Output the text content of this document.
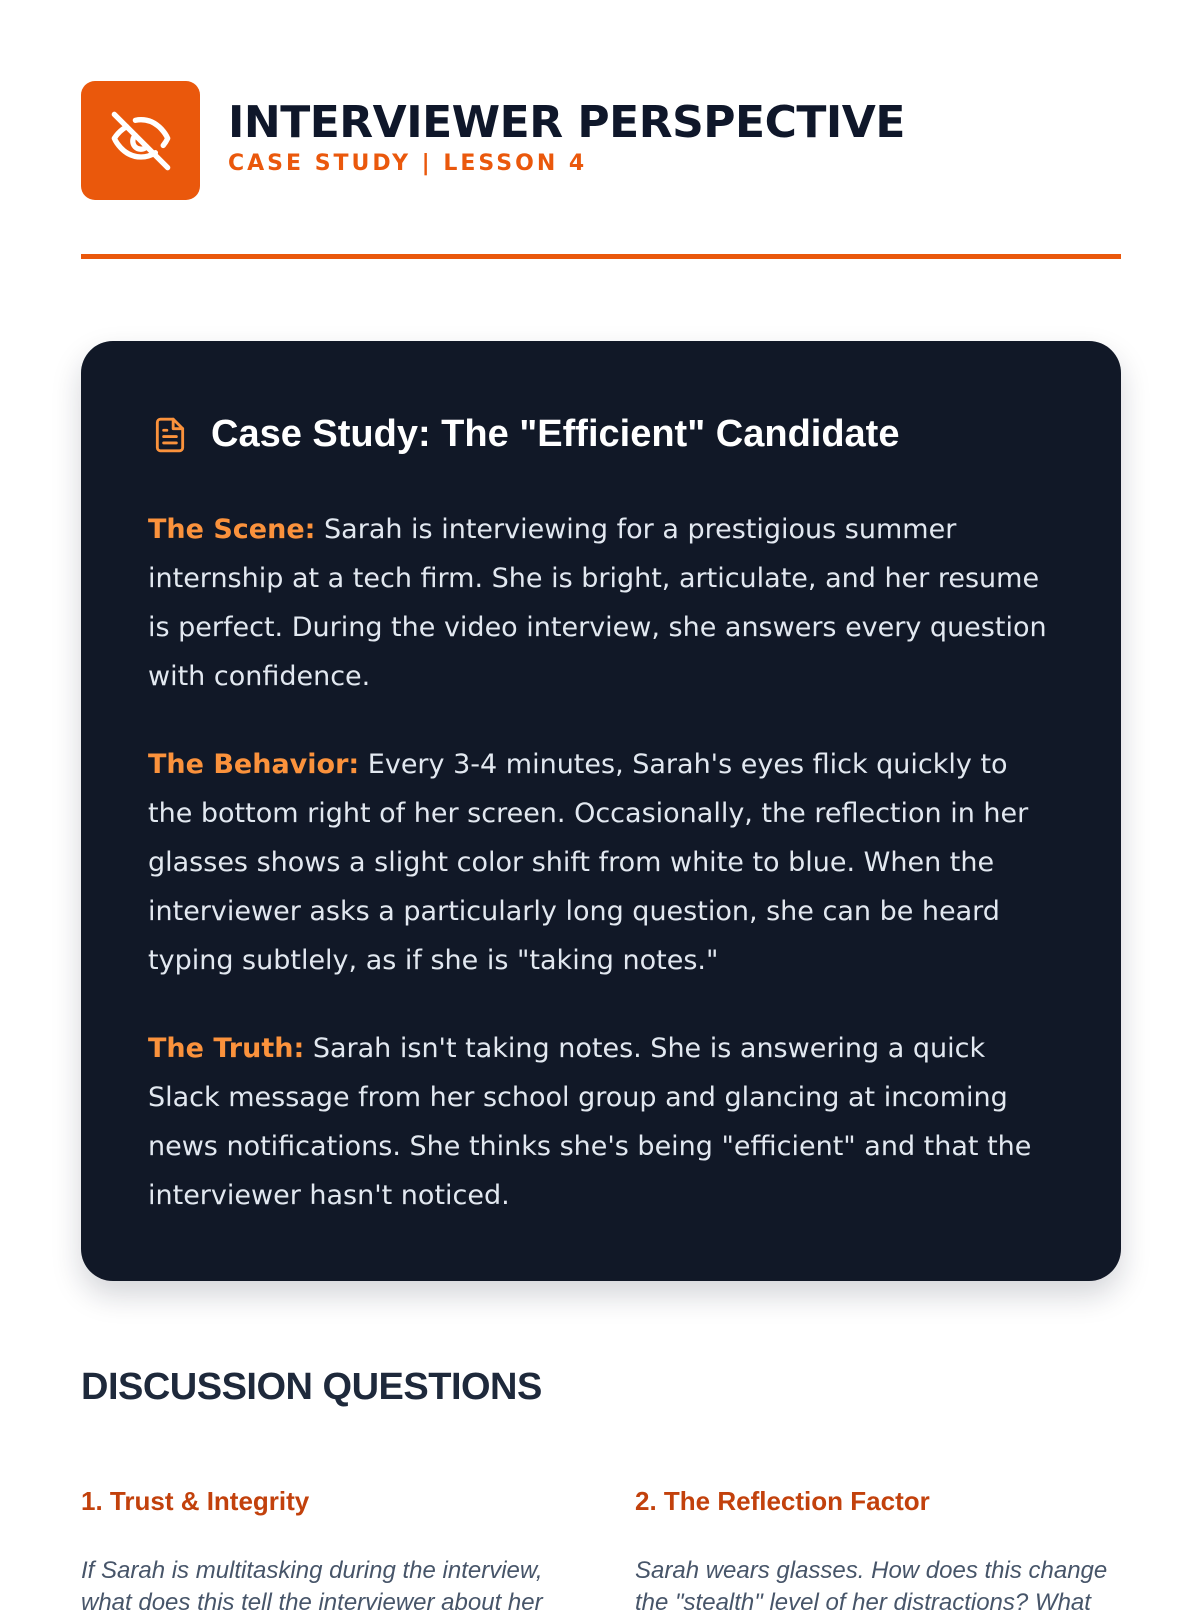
INTERVIEWER PERSPECTIVE
CASE STUDY | LESSON 4
Case Study: The "Efficient" Candidate

The Scene: Sarah is interviewing for a prestigious summer internship at a tech firm. She is bright, articulate, and her resume is perfect. During the video interview, she answers every question with confidence.

The Behavior: Every 3-4 minutes, Sarah's eyes flick quickly to the bottom right of her screen. Occasionally, the reflection in her glasses shows a slight color shift from white to blue. When the interviewer asks a particularly long question, she can be heard typing subtlely, as if she is "taking notes."

The Truth: Sarah isn't taking notes. She is answering a quick Slack message from her school group and glancing at incoming news notifications. She thinks she's being "efficient" and that the interviewer hasn't noticed.

DISCUSSION QUESTIONS
1. Trust & Integrity
If Sarah is multitasking during the interview, what does this tell the interviewer about her
2. The Reflection Factor
Sarah wears glasses. How does this change the "stealth" level of her distractions? What
